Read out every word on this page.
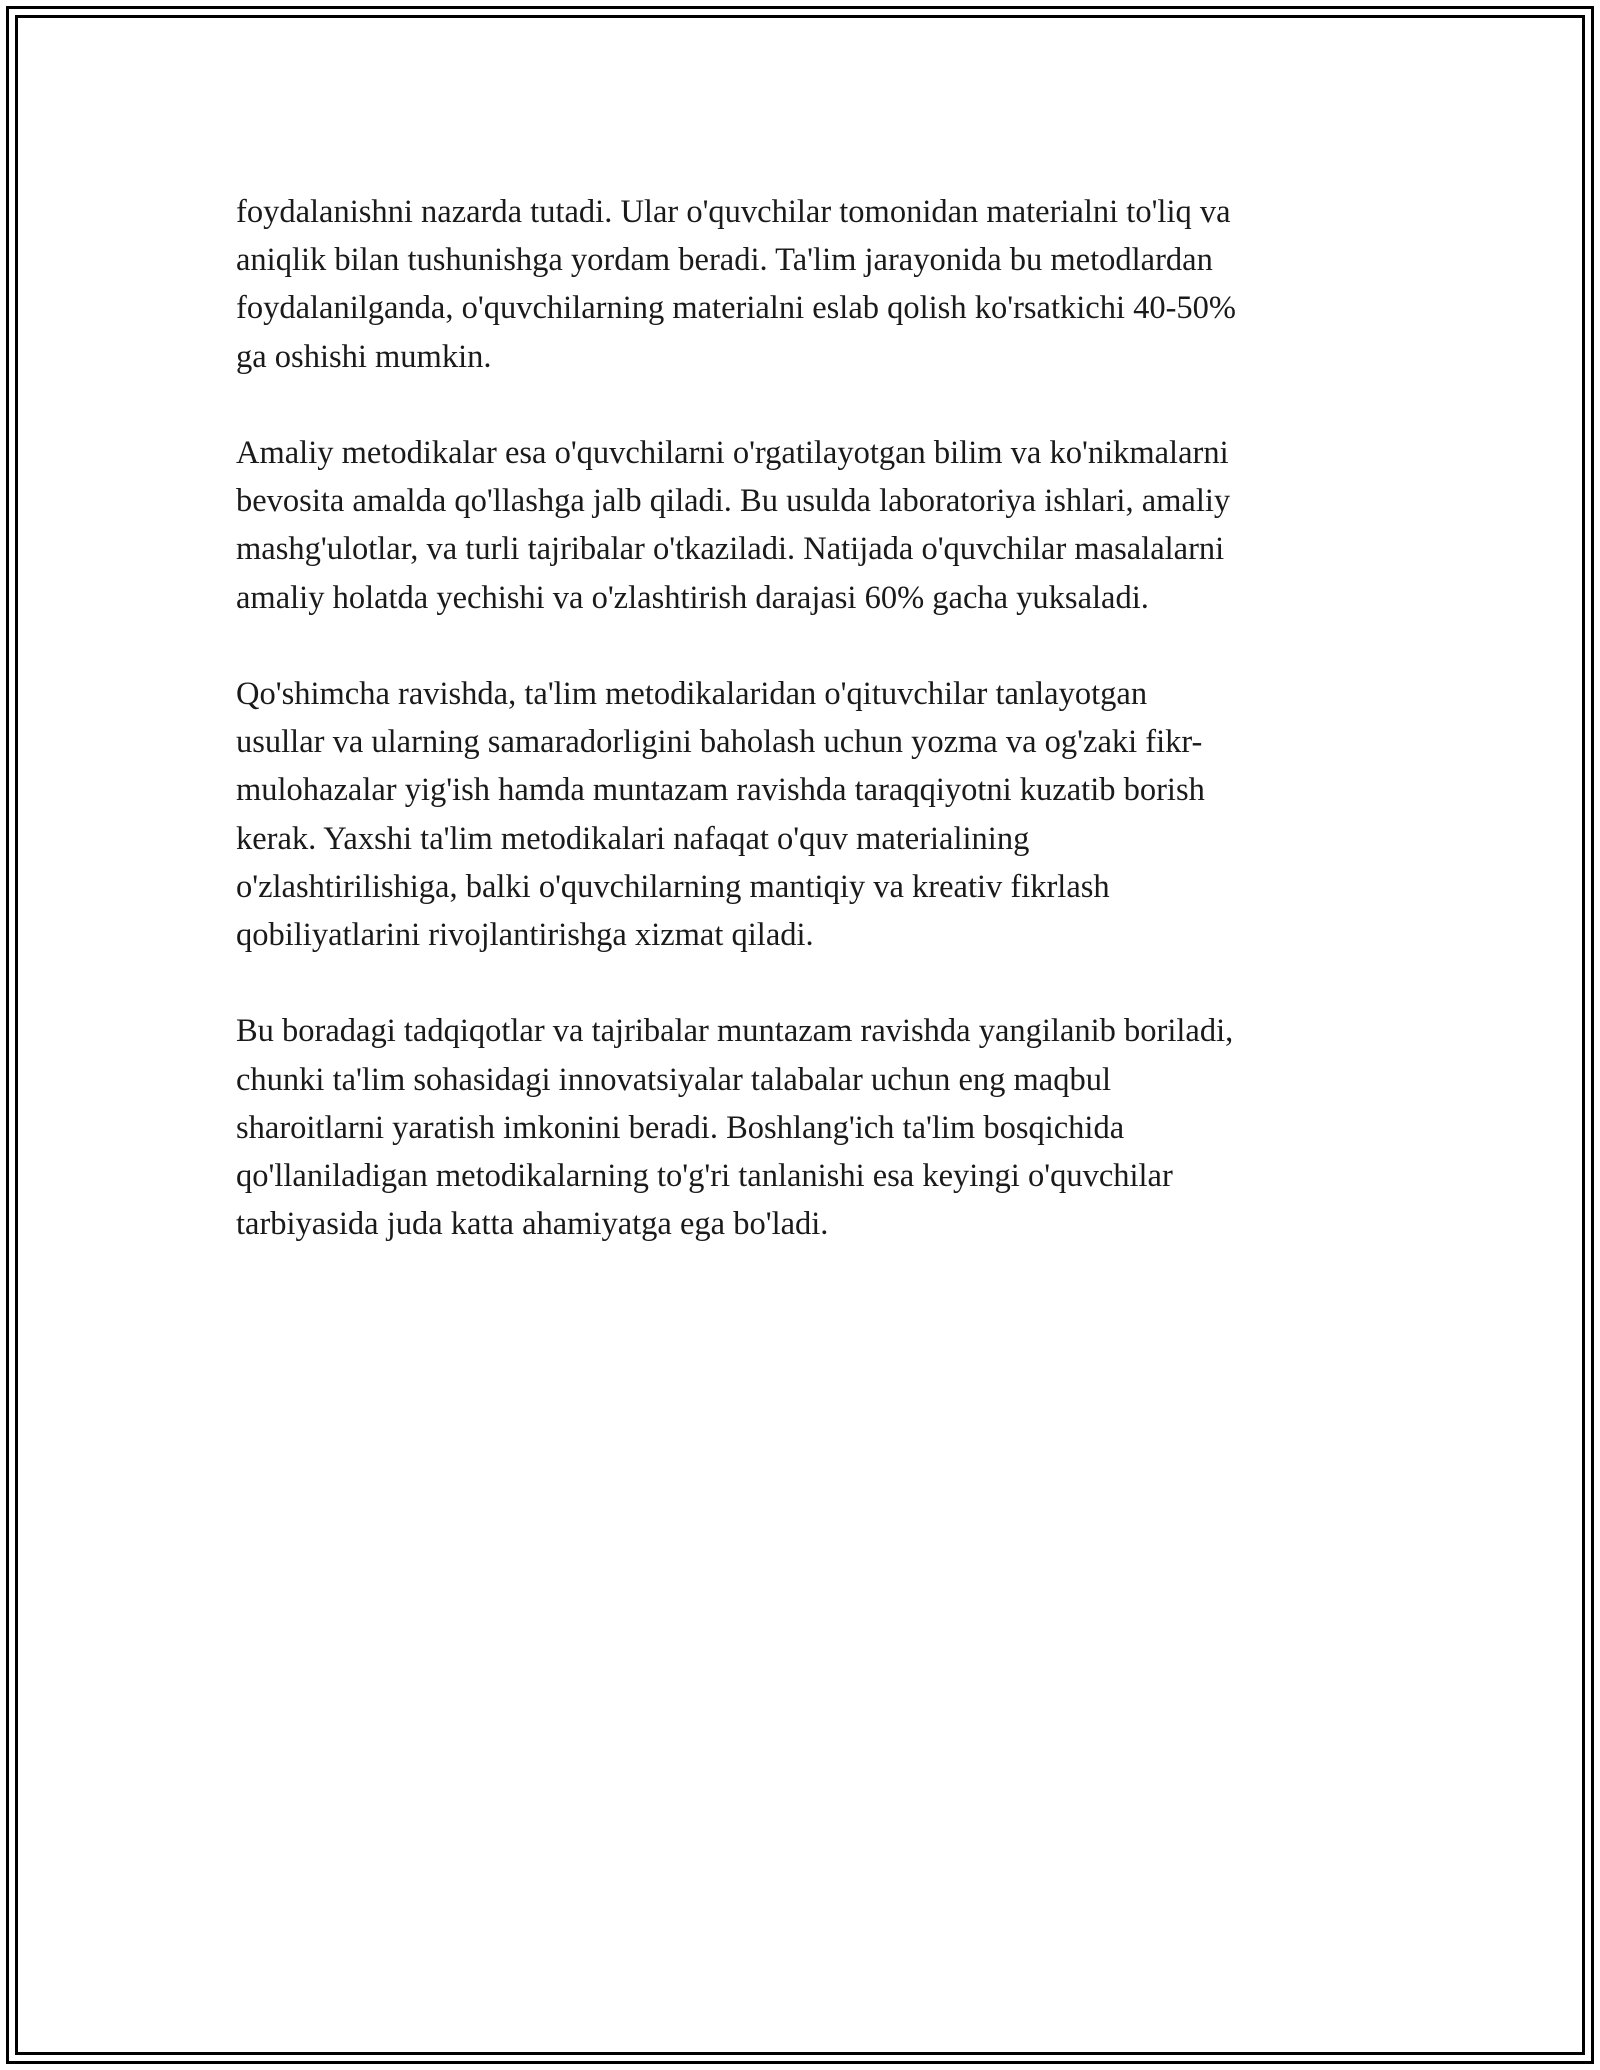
foydalanishni nazarda tutadi. Ular o'quvchilar tomonidan materialni to'liq va
aniqlik bilan tushunishga yordam beradi. Ta'lim jarayonida bu metodlardan
foydalanilganda, o'quvchilarning materialni eslab qolish ko'rsatkichi 40-50%
ga oshishi mumkin.

Amaliy metodikalar esa o'quvchilarni o'rgatilayotgan bilim va ko'nikmalarni
bevosita amalda qo'llashga jalb qiladi. Bu usulda laboratoriya ishlari, amaliy
mashg'ulotlar, va turli tajribalar o'tkaziladi. Natijada o'quvchilar masalalarni
amaliy holatda yechishi va o'zlashtirish darajasi 60% gacha yuksaladi.

Qo'shimcha ravishda, ta'lim metodikalaridan o'qituvchilar tanlayotgan
usullar va ularning samaradorligini baholash uchun yozma va og'zaki fikr-
mulohazalar yig'ish hamda muntazam ravishda taraqqiyotni kuzatib borish
kerak. Yaxshi ta'lim metodikalari nafaqat o'quv materialining
o'zlashtirilishiga, balki o'quvchilarning mantiqiy va kreativ fikrlash
qobiliyatlarini rivojlantirishga xizmat qiladi.

Bu boradagi tadqiqotlar va tajribalar muntazam ravishda yangilanib boriladi,
chunki ta'lim sohasidagi innovatsiyalar talabalar uchun eng maqbul
sharoitlarni yaratish imkonini beradi. Boshlang'ich ta'lim bosqichida
qo'llaniladigan metodikalarning to'g'ri tanlanishi esa keyingi o'quvchilar
tarbiyasida juda katta ahamiyatga ega bo'ladi.
